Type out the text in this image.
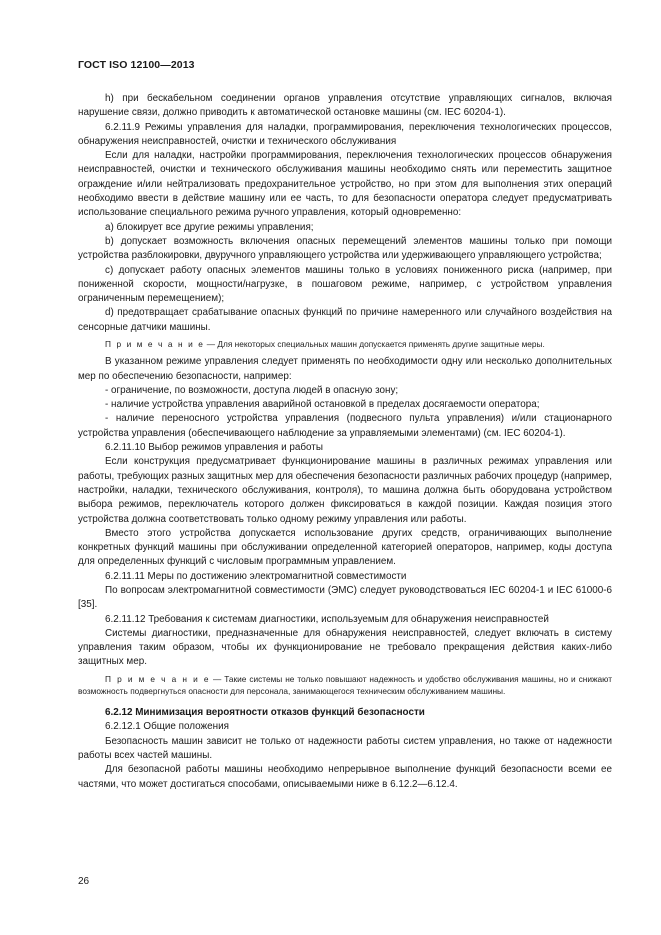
ГОСТ ISO 12100—2013

h) при бескабельном соединении органов управления отсутствие управляющих сигналов, включая нарушение связи, должно приводить к автоматической остановке машины (см. IEC 60204-1).

6.2.11.9 Режимы управления для наладки, программирования, переключения технологических процессов, обнаружения неисправностей, очистки и технического обслуживания

Если для наладки, настройки программирования, переключения технологических процессов обнаружения неисправностей, очистки и технического обслуживания машины необходимо снять или переместить защитное ограждение и/или нейтрализовать предохранительное устройство, но при этом для выполнения этих операций необходимо ввести в действие машину или ее часть, то для безопасности оператора следует предусматривать использование специального режима ручного управления, который одновременно:

a) блокирует все другие режимы управления;

b) допускает возможность включения опасных перемещений элементов машины только при помощи устройства разблокировки, двуручного управляющего устройства или удерживающего управляющего устройства;

c) допускает работу опасных элементов машины только в условиях пониженного риска (например, при пониженной скорости, мощности/нагрузке, в пошаговом режиме, например, с устройством управления ограниченным перемещением);

d) предотвращает срабатывание опасных функций по причине намеренного или случайного воздействия на сенсорные датчики машины.

П р и м е ч а н и е — Для некоторых специальных машин допускается применять другие защитные меры.

В указанном режиме управления следует применять по необходимости одну или несколько дополнительных мер по обеспечению безопасности, например:

- ограничение, по возможности, доступа людей в опасную зону;

- наличие устройства управления аварийной остановкой в пределах досягаемости оператора;

- наличие переносного устройства управления (подвесного пульта управления) и/или стационарного устройства управления (обеспечивающего наблюдение за управляемыми элементами) (см. IEC 60204-1).

6.2.11.10 Выбор режимов управления и работы

Если конструкция предусматривает функционирование машины в различных режимах управления или работы, требующих разных защитных мер для обеспечения безопасности различных рабочих процедур (например, настройки, наладки, технического обслуживания, контроля), то машина должна быть оборудована устройством выбора режимов, переключатель которого должен фиксироваться в каждой позиции. Каждая позиция этого устройства должна соответствовать только одному режиму управления или работы.

Вместо этого устройства допускается использование других средств, ограничивающих выполнение конкретных функций машины при обслуживании определенной категорией операторов, например, коды доступа для определенных функций с числовым программным управлением.

6.2.11.11 Меры по достижению электромагнитной совместимости

По вопросам электромагнитной совместимости (ЭМС) следует руководствоваться IEC 60204-1 и IEC 61000-6 [35].

6.2.11.12 Требования к системам диагностики, используемым для обнаружения неисправностей

Системы диагностики, предназначенные для обнаружения неисправностей, следует включать в систему управления таким образом, чтобы их функционирование не требовало прекращения действия каких-либо защитных мер.

П р и м е ч а н и е — Такие системы не только повышают надежность и удобство обслуживания машины, но и снижают возможность подвергнуться опасности для персонала, занимающегося техническим обслуживанием машины.

6.2.12 Минимизация вероятности отказов функций безопасности

6.2.12.1 Общие положения

Безопасность машин зависит не только от надежности работы систем управления, но также от надежности работы всех частей машины.

Для безопасной работы машины необходимо непрерывное выполнение функций безопасности всеми ее частями, что может достигаться способами, описываемыми ниже в 6.12.2—6.12.4.

26
